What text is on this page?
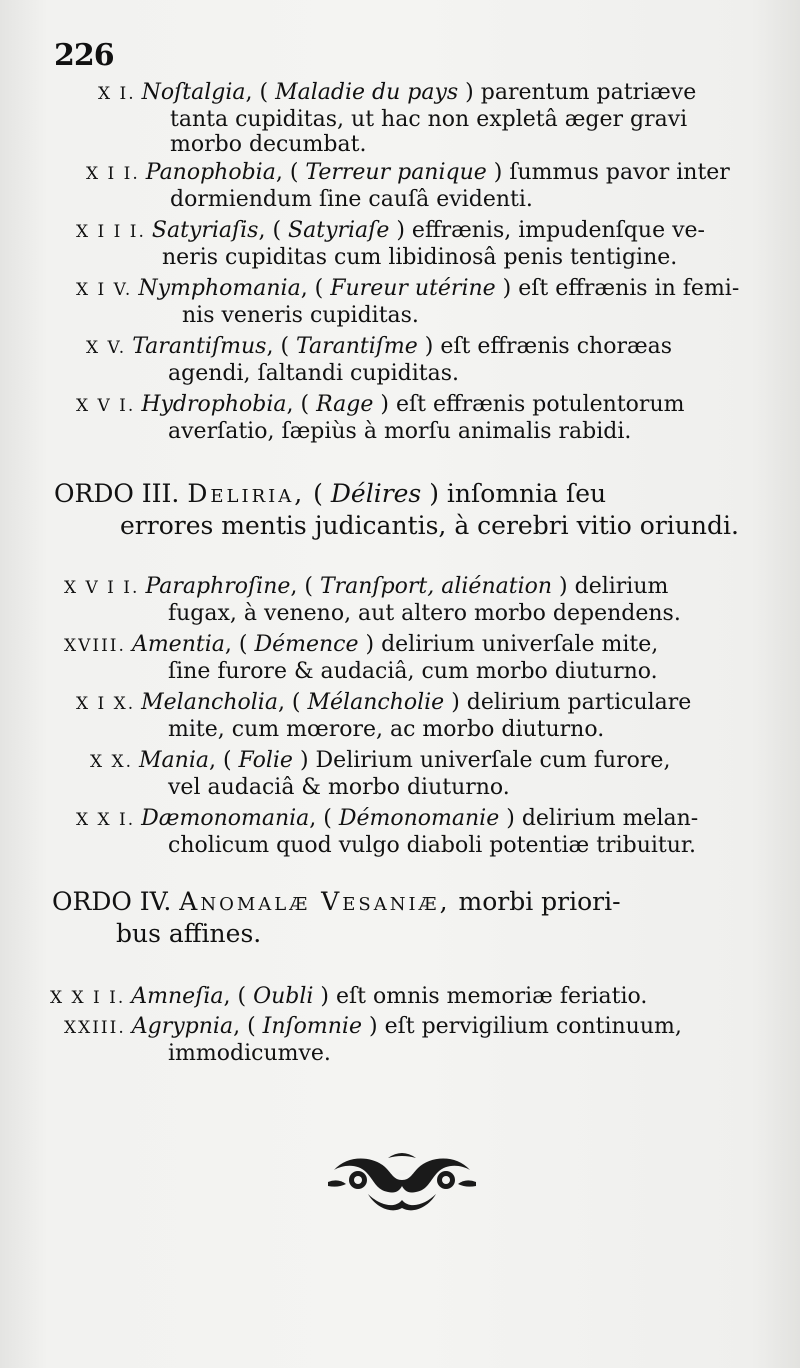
226
X I. Noſtalgia, ( Maladie du pays ) parentum patriæve
tanta cupiditas, ut hac non expletâ æger gravi
morbo decumbat.
X I I. Panophobia, ( Terreur panique ) ſummus pavor inter
dormiendum ſine cauſâ evidenti.
X I I I. Satyriaſis, ( Satyriaſe ) effrænis, impudenſque ve-
neris cupiditas cum libidinosâ penis tentigine.
X I V. Nymphomania, ( Fureur utérine ) eſt effrænis in femi-
nis veneris cupiditas.
X V. Tarantiſmus, ( Tarantiſme ) eſt effrænis choræas
agendi, ſaltandi cupiditas.
X V I. Hydrophobia, ( Rage ) eſt effrænis potulentorum
averſatio, ſæpiùs à morſu animalis rabidi.
ORDO III. Deliria, ( Délires ) inſomnia ſeu
errores mentis judicantis, à cerebri vitio oriundi.
X V I I. Paraphroſine, ( Tranſport, aliénation ) delirium
fugax, à veneno, aut altero morbo dependens.
XVIII. Amentia, ( Démence ) delirium univerſale mite,
ſine furore & audaciâ, cum morbo diuturno.
X I X. Melancholia, ( Mélancholie ) delirium particulare
mite, cum mœrore, ac morbo diuturno.
X X. Mania, ( Folie ) Delirium univerſale cum furore,
vel audaciâ & morbo diuturno.
X X I. Dæmonomania, ( Démonomanie ) delirium melan-
cholicum quod vulgo diaboli potentiæ tribuitur.
ORDO IV. Anomalæ Vesaniæ, morbi priori-
bus affines.
X X I I. Amneſia, ( Oubli ) eſt omnis memoriæ feriatio.
XXIII. Agrypnia, ( Inſomnie ) eſt pervigilium continuum,
immodicumve.
